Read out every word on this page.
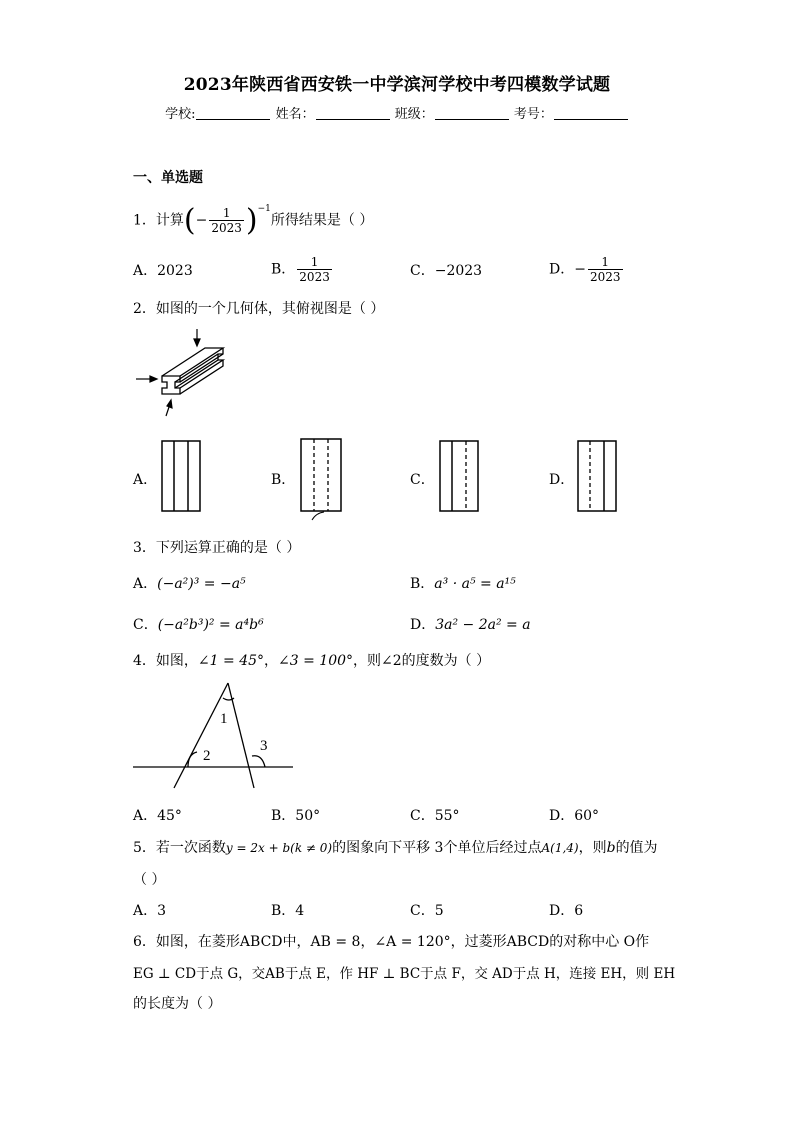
2023年陕西省西安铁一中学滨河学校中考四模数学试题
学校:	姓名：	班级：	考号：
一、单选题
1．计算(− $\frac{1}{2023} )^{-1}$所得结果是（ ）
A．2023	B． $\frac{1}{2023}$	C．−2023	D．− $\frac{1}{2023}$
2．如图的一个几何体，其俯视图是（ ）
A．	B．	C．	D．
3．下列运算正确的是（ ）
A．(−a²)³ = −a⁵	B．a³ · a⁵ = a¹⁵
C．(−a²b³)² = a⁴b⁶	D．3a² − 2a² = a
4．如图，∠1 = 45°，∠3 = 100°，则∠2的度数为（ ）
1
2
3
A．45°	B．50°	C．55°	D．60°
5．若一次函数y = 2x + b(k ≠ 0)的图象向下平移 3个单位后经过点A(1,4)，则b的值为
（ ）
A．3	B．4	C．5	D．6
6．如图，在菱形ABCD中，AB = 8，∠A = 120°，过菱形ABCD的对称中心 O作
EG ⊥ CD于点 G，交AB于点 E，作 HF ⊥ BC于点 F，交 AD于点 H，连接 EH，则 EH
的长度为（ ）
